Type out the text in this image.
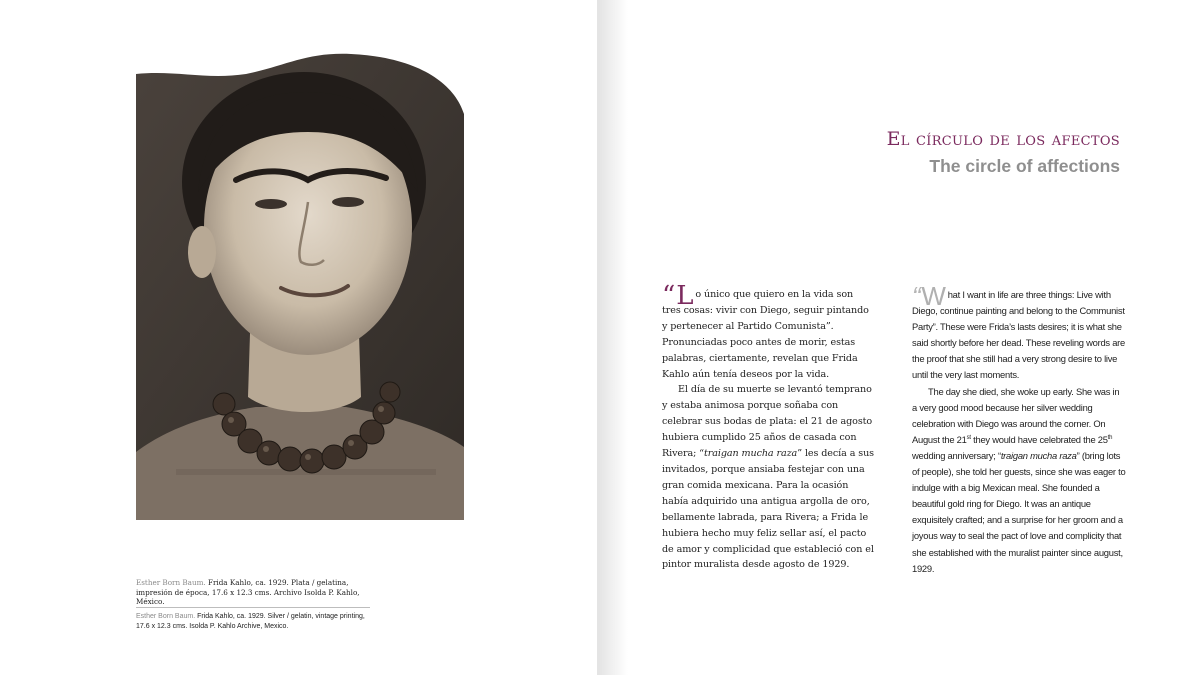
Esther Born Baum. Frida Kahlo, ca. 1929. Plata / gelatina, impresión de época, 17.6 x 12.3 cms. Archivo Isolda P. Kahlo, México.
Esther Born Baum. Frida Kahlo, ca. 1929. Silver / gelatin, vintage printing, 17.6 x 12.3 cms. Isolda P. Kahlo Archive, Mexico.
El círculo de los afectos
The circle of affections

“L o único que quiero en la vida son tres cosas: vivir con Diego, seguir pintando y pertenecer al Partido Comunista”. Pronunciadas poco antes de morir, estas palabras, ciertamente, revelan que Frida Kahlo aún tenía deseos por la vida.

El día de su muerte se levantó temprano y estaba animosa porque soñaba con celebrar sus bodas de plata: el 21 de agosto hubiera cumplido 25 años de casada con Rivera; “traigan mucha raza” les decía a sus invitados, porque ansiaba festejar con una gran comida mexicana. Para la ocasión había adquirido una antigua argolla de oro, bellamente labrada, para Rivera; a Frida le hubiera hecho muy feliz sellar así, el pacto de amor y complicidad que estableció con el pintor muralista desde agosto de 1929.

“W hat I want in life are three things: Live with Diego, continue painting and belong to the Communist Party”. These were Frida’s lasts desires; it is what she said shortly before her dead. These reveling words are the proof that she still had a very strong desire to live until the very last moments.

The day she died, she woke up early. She was in a very good mood because her silver wedding celebration with Diego was around the corner. On August the 21st they would have celebrated the 25th wedding anniversary; “traigan mucha raza” (bring lots of people), she told her guests, since she was eager to indulge with a big Mexican meal. She founded a beautiful gold ring for Diego. It was an antique exquisitely crafted; and a surprise for her groom and a joyous way to seal the pact of love and complicity that she established with the muralist painter since august, 1929.
